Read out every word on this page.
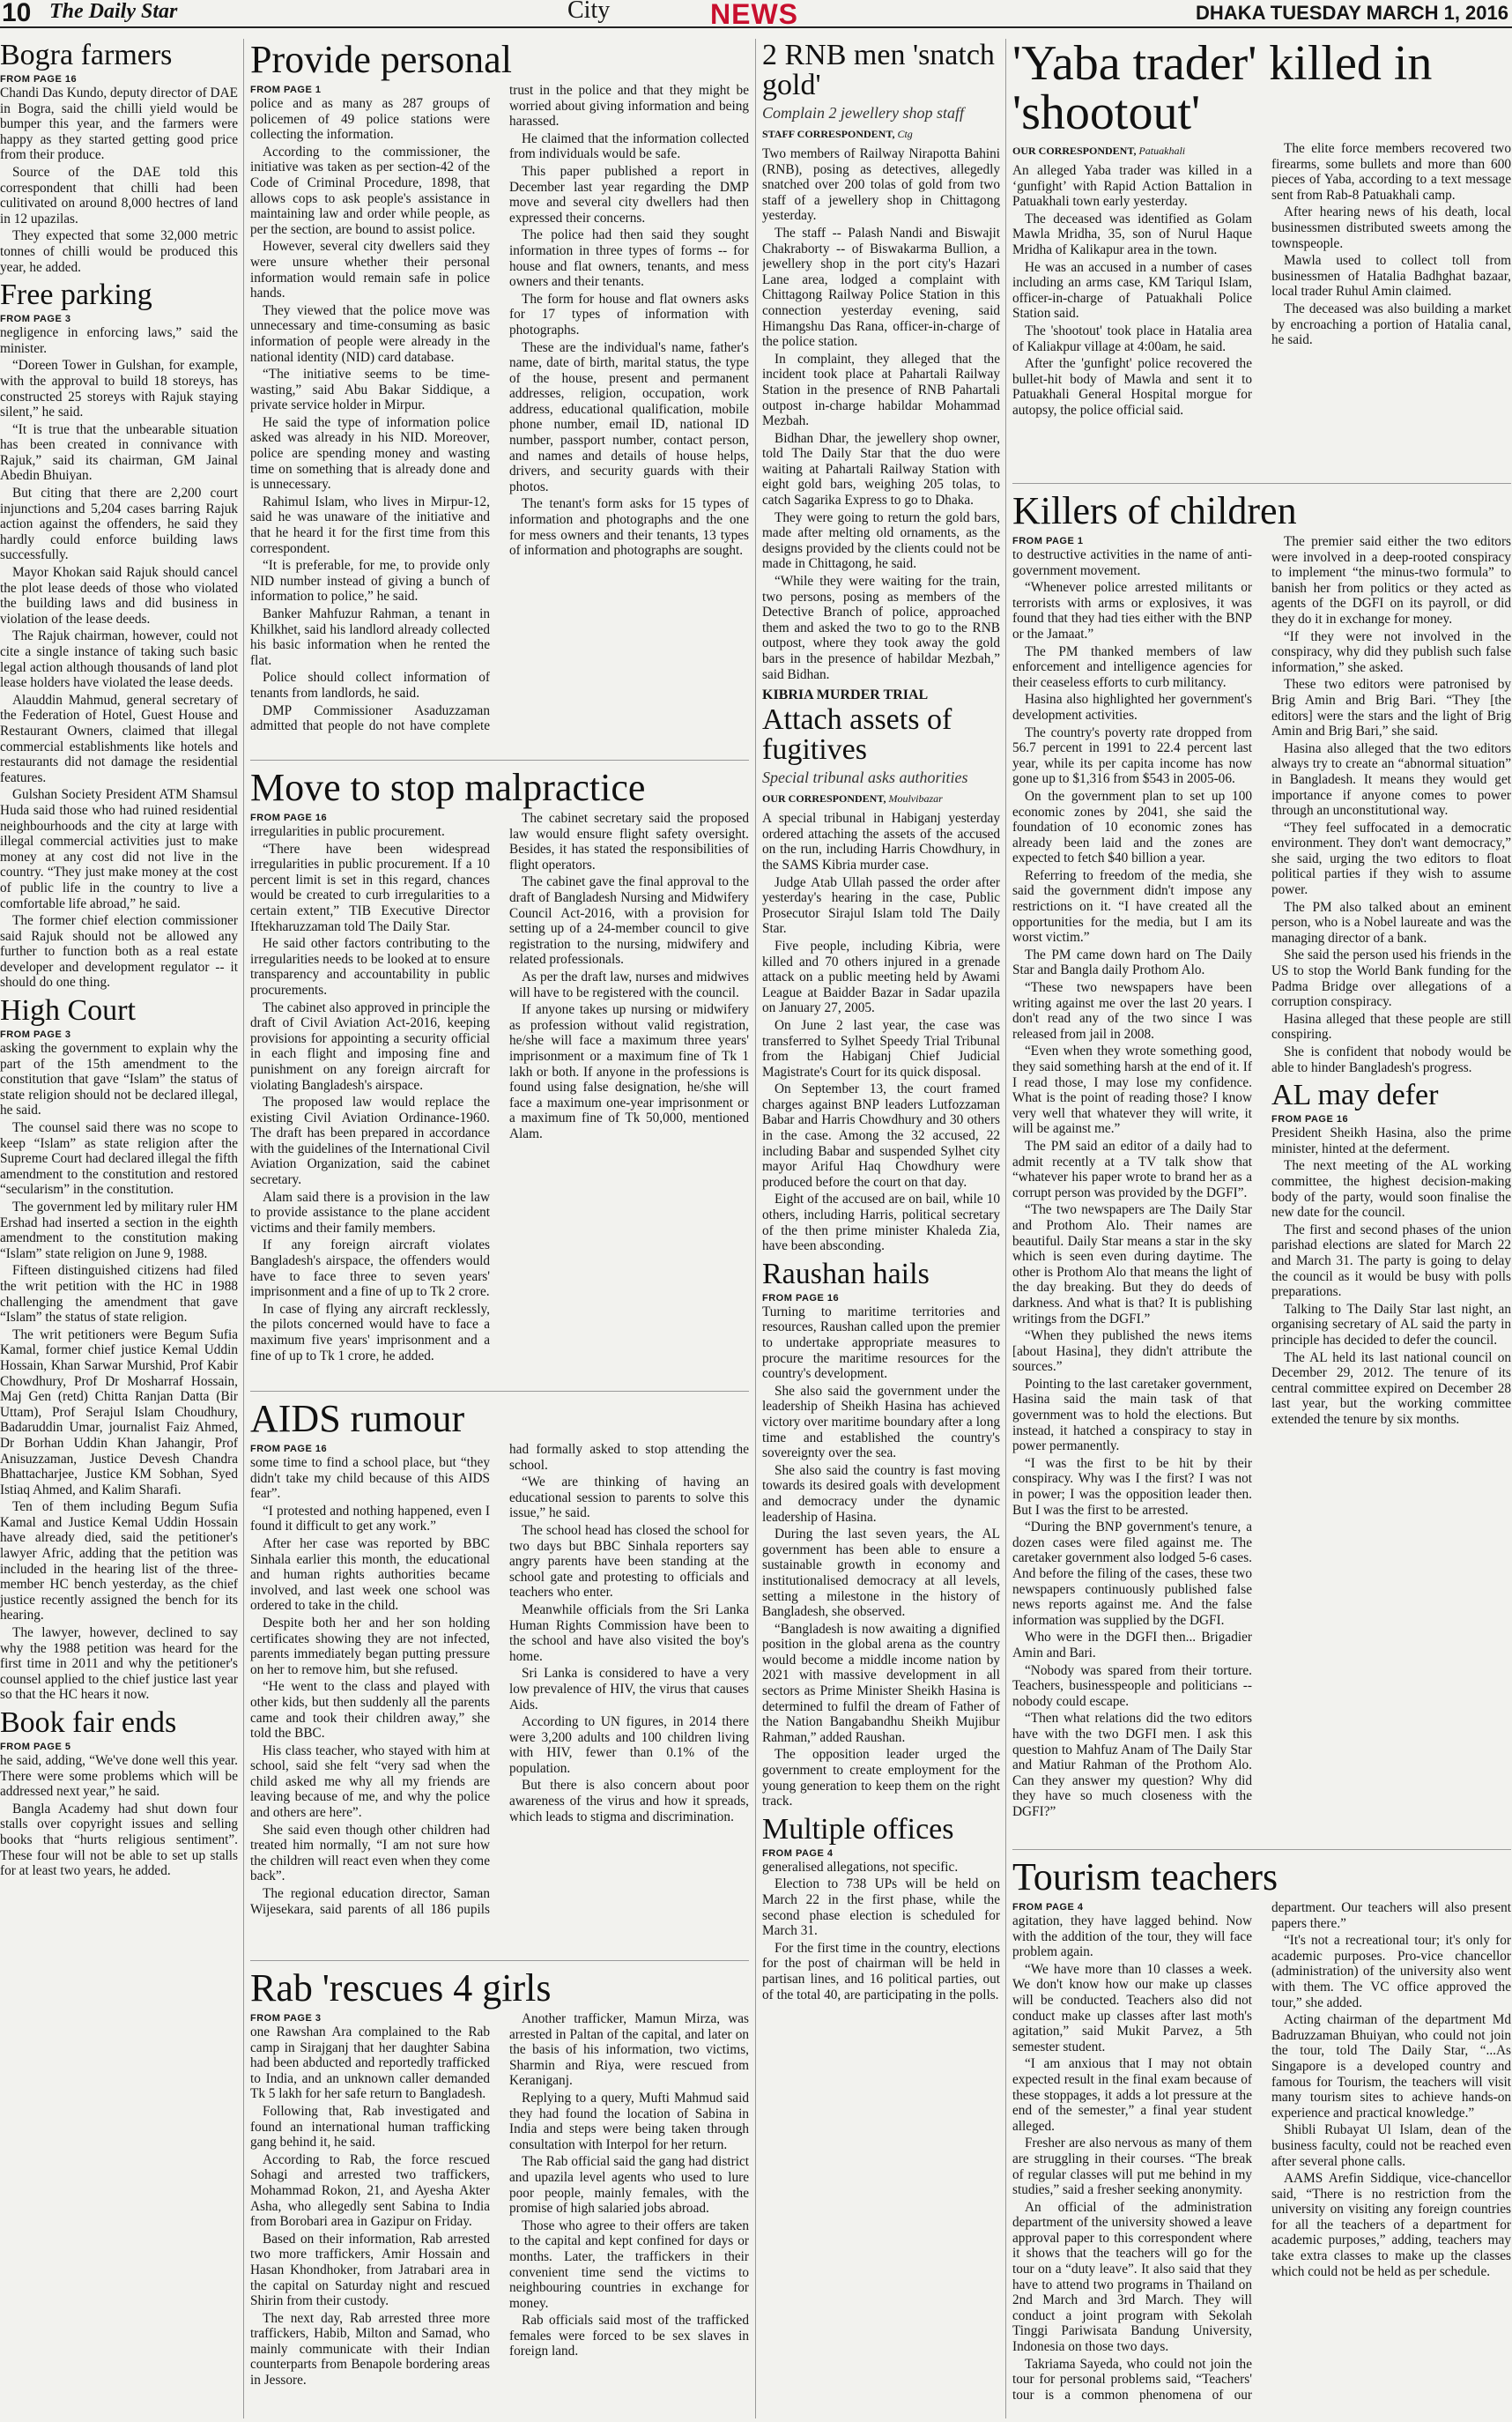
10 The Daily Star	City	NEWS	DHAKA TUESDAY MARCH 1, 2016
Bogra farmers
FROM PAGE 16

Chandi Das Kundo, deputy director of DAE in Bogra, said the chilli yield would be bumper this year, and the farmers were happy as they started getting good price from their produce.

Source of the DAE told this correspondent that chilli had been culitivated on around 8,000 hectres of land in 12 upazilas.

They expected that some 32,000 metric tonnes of chilli would be produced this year, he added.

Free parking
FROM PAGE 3

negligence in enforcing laws,” said the minister.

“Doreen Tower in Gulshan, for example, with the approval to build 18 storeys, has constructed 25 storeys with Rajuk staying silent,” he said.

“It is true that the unbearable situation has been created in connivance with Rajuk,” said its chairman, GM Jainal Abedin Bhuiyan.

But citing that there are 2,200 court injunctions and 5,204 cases barring Rajuk action against the offenders, he said they hardly could enforce building laws successfully.

Mayor Khokan said Rajuk should cancel the plot lease deeds of those who violated the building laws and did business in violation of the lease deeds.

The Rajuk chairman, however, could not cite a single instance of taking such basic legal action although thousands of land plot lease holders have violated the lease deeds.

Alauddin Mahmud, general secretary of the Federation of Hotel, Guest House and Restaurant Owners, claimed that illegal commercial establishments like hotels and restaurants did not damage the residential features.

Gulshan Society President ATM Shamsul Huda said those who had ruined residential neighbourhoods and the city at large with illegal commercial activities just to make money at any cost did not live in the country. “They just make money at the cost of public life in the country to live a comfortable life abroad,” he said.

The former chief election commissioner said Rajuk should not be allowed any further to function both as a real estate developer and development regulator -- it should do one thing.

High Court
FROM PAGE 3

asking the government to explain why the part of the 15th amendment to the constitution that gave “Islam” the status of state religion should not be declared illegal, he said.

The counsel said there was no scope to keep “Islam” as state religion after the Supreme Court had declared illegal the fifth amendment to the constitution and restored “secularism” in the constitution.

The government led by military ruler HM Ershad had inserted a section in the eighth amendment to the constitution making “Islam” state religion on June 9, 1988.

Fifteen distinguished citizens had filed the writ petition with the HC in 1988 challenging the amendment that gave “Islam” the status of state religion.

The writ petitioners were Begum Sufia Kamal, former chief justice Kemal Uddin Hossain, Khan Sarwar Murshid, Prof Kabir Chowdhury, Prof Dr Mosharraf Hossain, Maj Gen (retd) Chitta Ranjan Datta (Bir Uttam), Prof Serajul Islam Choudhury, Badaruddin Umar, journalist Faiz Ahmed, Dr Borhan Uddin Khan Jahangir, Prof Anisuzzaman, Justice Devesh Chandra Bhattacharjee, Justice KM Sobhan, Syed Istiaq Ahmed, and Kalim Sharafi.

Ten of them including Begum Sufia Kamal and Justice Kemal Uddin Hossain have already died, said the petitioner's lawyer Afric, adding that the petition was included in the hearing list of the three-member HC bench yesterday, as the chief justice recently assigned the bench for its hearing.

The lawyer, however, declined to say why the 1988 petition was heard for the first time in 2011 and why the petitioner's counsel applied to the chief justice last year so that the HC hears it now.

Book fair ends
FROM PAGE 5

he said, adding, “We've done well this year. There were some problems which will be addressed next year,” he said.

Bangla Academy had shut down four stalls over copyright issues and selling books that “hurts religious sentiment”. These four will not be able to set up stalls for at least two years, he added.

Provide personal
FROM PAGE 1

police and as many as 287 groups of policemen of 49 police stations were collecting the information.

According to the commissioner, the initiative was taken as per section-42 of the Code of Criminal Procedure, 1898, that allows cops to ask people's assistance in maintaining law and order while people, as per the section, are bound to assist police.

However, several city dwellers said they were unsure whether their personal information would remain safe in police hands.

They viewed that the police move was unnecessary and time-consuming as basic information of people were already in the national identity (NID) card database.

“The initiative seems to be time-wasting,” said Abu Bakar Siddique, a private service holder in Mirpur.

He said the type of information police asked was already in his NID. Moreover, police are spending money and wasting time on something that is already done and is unnecessary.

Rahimul Islam, who lives in Mirpur-12, said he was unaware of the initiative and that he heard it for the first time from this correspondent.

“It is preferable, for me, to provide only NID number instead of giving a bunch of information to police,” he said.

Banker Mahfuzur Rahman, a tenant in Khilkhet, said his landlord already collected his basic information when he rented the flat.

Police should collect information of tenants from landlords, he said.

DMP Commissioner Asaduzzaman admitted that people do not have complete trust in the police and that they might be worried about giving information and being harassed.

He claimed that the information collected from individuals would be safe.

This paper published a report in December last year regarding the DMP move and several city dwellers had then expressed their concerns.

The police had then said they sought information in three types of forms -- for house and flat owners, tenants, and mess owners and their tenants.

The form for house and flat owners asks for 17 types of information with photographs.

These are the individual's name, father's name, date of birth, marital status, the type of the house, present and permanent addresses, religion, occupation, work address, educational qualification, mobile phone number, email ID, national ID number, passport number, contact person, and names and details of house helps, drivers, and security guards with their photos.

The tenant's form asks for 15 types of information and photographs and the one for mess owners and their tenants, 13 types of information and photographs are sought.

Move to stop malpractice
FROM PAGE 16

irregularities in public procurement.

“There have been widespread irregularities in public procurement. If a 10 percent limit is set in this regard, chances would be created to curb irregularities to a certain extent,” TIB Executive Director Iftekharuzzaman told The Daily Star.

He said other factors contributing to the irregularities needs to be looked at to ensure transparency and accountability in public procurements.

The cabinet also approved in principle the draft of Civil Aviation Act-2016, keeping provisions for appointing a security official in each flight and imposing fine and punishment on any foreign aircraft for violating Bangladesh's airspace.

The proposed law would replace the existing Civil Aviation Ordinance-1960. The draft has been prepared in accordance with the guidelines of the International Civil Aviation Organization, said the cabinet secretary.

Alam said there is a provision in the law to provide assistance to the plane accident victims and their family members.

If any foreign aircraft violates Bangladesh's airspace, the offenders would have to face three to seven years' imprisonment and a fine of up to Tk 2 crore.

In case of flying any aircraft recklessly, the pilots concerned would have to face a maximum five years' imprisonment and a fine of up to Tk 1 crore, he added.

The cabinet secretary said the proposed law would ensure flight safety oversight. Besides, it has stated the responsibilities of flight operators.

The cabinet gave the final approval to the draft of Bangladesh Nursing and Midwifery Council Act-2016, with a provision for setting up of a 24-member council to give registration to the nursing, midwifery and related professionals.

As per the draft law, nurses and midwives will have to be registered with the council.

If anyone takes up nursing or midwifery as profession without valid registration, he/she will face a maximum three years' imprisonment or a maximum fine of Tk 1 lakh or both. If anyone in the professions is found using false designation, he/she will face a maximum one-year imprisonment or a maximum fine of Tk 50,000, mentioned Alam.

AIDS rumour
FROM PAGE 16

some time to find a school place, but “they didn't take my child because of this AIDS fear”.

“I protested and nothing happened, even I found it difficult to get any work.”

After her case was reported by BBC Sinhala earlier this month, the educational and human rights authorities became involved, and last week one school was ordered to take in the child.

Despite both her and her son holding certificates showing they are not infected, parents immediately began putting pressure on her to remove him, but she refused.

“He went to the class and played with other kids, but then suddenly all the parents came and took their children away,” she told the BBC.

His class teacher, who stayed with him at school, said she felt “very sad when the child asked me why all my friends are leaving because of me, and why the police and others are here”.

She said even though other children had treated him normally, “I am not sure how the children will react even when they come back”.

The regional education director, Saman Wijesekara, said parents of all 186 pupils had formally asked to stop attending the school.

“We are thinking of having an educational session to parents to solve this issue,” he said.

The school head has closed the school for two days but BBC Sinhala reporters say angry parents have been standing at the school gate and protesting to officials and teachers who enter.

Meanwhile officials from the Sri Lanka Human Rights Commission have been to the school and have also visited the boy's home.

Sri Lanka is considered to have a very low prevalence of HIV, the virus that causes Aids.

According to UN figures, in 2014 there were 3,200 adults and 100 children living with HIV, fewer than 0.1% of the population.

But there is also concern about poor awareness of the virus and how it spreads, which leads to stigma and discrimination.

Rab 'rescues 4 girls
FROM PAGE 3

one Rawshan Ara complained to the Rab camp in Sirajganj that her daughter Sabina had been abducted and reportedly trafficked to India, and an unknown caller demanded Tk 5 lakh for her safe return to Bangladesh.

Following that, Rab investigated and found an international human trafficking gang behind it, he said.

According to Rab, the force rescued Sohagi and arrested two traffickers, Mohammad Rokon, 21, and Ayesha Akter Asha, who allegedly sent Sabina to India from Borobari area in Gazipur on Friday.

Based on their information, Rab arrested two more traffickers, Amir Hossain and Hasan Khondhoker, from Jatrabari area in the capital on Saturday night and rescued Shirin from their custody.

The next day, Rab arrested three more traffickers, Habib, Milton and Samad, who mainly communicate with their Indian counterparts from Benapole bordering areas in Jessore.

Another trafficker, Mamun Mirza, was arrested in Paltan of the capital, and later on the basis of his information, two victims, Sharmin and Riya, were rescued from Keraniganj.

Replying to a query, Mufti Mahmud said they had found the location of Sabina in India and steps were being taken through consultation with Interpol for her return.

The Rab official said the gang had district and upazila level agents who used to lure poor people, mainly females, with the promise of high salaried jobs abroad.

Those who agree to their offers are taken to the capital and kept confined for days or months. Later, the traffickers in their convenient time send the victims to neighbouring countries in exchange for money.

Rab officials said most of the trafficked females were forced to be sex slaves in foreign land.

2 RNB men 'snatch gold'
Complain 2 jewellery shop staff
STAFF CORRESPONDENT, Ctg

Two members of Railway Nirapotta Bahini (RNB), posing as detectives, allegedly snatched over 200 tolas of gold from two staff of a jewellery shop in Chittagong yesterday.

The staff -- Palash Nandi and Biswajit Chakraborty -- of Biswakarma Bullion, a jewellery shop in the port city's Hazari Lane area, lodged a complaint with Chittagong Railway Police Station in this connection yesterday evening, said Himangshu Das Rana, officer-in-charge of the police station.

In complaint, they alleged that the incident took place at Pahartali Railway Station in the presence of RNB Pahartali outpost in-charge habildar Mohammad Mezbah.

Bidhan Dhar, the jewellery shop owner, told The Daily Star that the duo were waiting at Pahartali Railway Station with eight gold bars, weighing 205 tolas, to catch Sagarika Express to go to Dhaka.

They were going to return the gold bars, made after melting old ornaments, as the designs provided by the clients could not be made in Chittagong, he said.

“While they were waiting for the train, two persons, posing as members of the Detective Branch of police, approached them and asked the two to go to the RNB outpost, where they took away the gold bars in the presence of habildar Mezbah,” said Bidhan.

KIBRIA MURDER TRIAL
Attach assets of fugitives
Special tribunal asks authorities
OUR CORRESPONDENT, Moulvibazar

A special tribunal in Habiganj yesterday ordered attaching the assets of the accused on the run, including Harris Chowdhury, in the SAMS Kibria murder case.

Judge Atab Ullah passed the order after yesterday's hearing in the case, Public Prosecutor Sirajul Islam told The Daily Star.

Five people, including Kibria, were killed and 70 others injured in a grenade attack on a public meeting held by Awami League at Baidder Bazar in Sadar upazila on January 27, 2005.

On June 2 last year, the case was transferred to Sylhet Speedy Trial Tribunal from the Habiganj Chief Judicial Magistrate's Court for its quick disposal.

On September 13, the court framed charges against BNP leaders Lutfozzaman Babar and Harris Chowdhury and 30 others in the case. Among the 32 accused, 22 including Babar and suspended Sylhet city mayor Ariful Haq Chowdhury were produced before the court on that day.

Eight of the accused are on bail, while 10 others, including Harris, political secretary of the then prime minister Khaleda Zia, have been absconding.

Raushan hails
FROM PAGE 16

Turning to maritime territories and resources, Raushan called upon the premier to undertake appropriate measures to procure the maritime resources for the country's development.

She also said the government under the leadership of Sheikh Hasina has achieved victory over maritime boundary after a long time and established the country's sovereignty over the sea.

She also said the country is fast moving towards its desired goals with development and democracy under the dynamic leadership of Hasina.

During the last seven years, the AL government has been able to ensure a sustainable growth in economy and institutionalised democracy at all levels, setting a milestone in the history of Bangladesh, she observed.

“Bangladesh is now awaiting a dignified position in the global arena as the country would become a middle income nation by 2021 with massive development in all sectors as Prime Minister Sheikh Hasina is determined to fulfil the dream of Father of the Nation Bangabandhu Sheikh Mujibur Rahman,” added Raushan.

The opposition leader urged the government to create employment for the young generation to keep them on the right track.

Multiple offices
FROM PAGE 4

generalised allegations, not specific.

Election to 738 UPs will be held on March 22 in the first phase, while the second phase election is scheduled for March 31.

For the first time in the country, elections for the post of chairman will be held in partisan lines, and 16 political parties, out of the total 40, are participating in the polls.

'Yaba trader' killed in 'shootout'
OUR CORRESPONDENT, Patuakhali

An alleged Yaba trader was killed in a ‘gunfight’ with Rapid Action Battalion in Patuakhali town early yesterday.

The deceased was identified as Golam Mawla Mridha, 35, son of Nurul Haque Mridha of Kalikapur area in the town.

He was an accused in a number of cases including an arms case, KM Tariqul Islam, officer-in-charge of Patuakhali Police Station said.

The 'shootout' took place in Hatalia area of Kaliakpur village at 4:00am, he said.

After the 'gunfight' police recovered the bullet-hit body of Mawla and sent it to Patuakhali General Hospital morgue for autopsy, the police official said.

The elite force members recovered two firearms, some bullets and more than 600 pieces of Yaba, according to a text message sent from Rab-8 Patuakhali camp.

After hearing news of his death, local businessmen distributed sweets among the townspeople.

Mawla used to collect toll from businessmen of Hatalia Badhghat bazaar, local trader Ruhul Amin claimed.

The deceased was also building a market by encroaching a portion of Hatalia canal, he said.

Killers of children
FROM PAGE 1

to destructive activities in the name of anti-government movement.

“Whenever police arrested militants or terrorists with arms or explosives, it was found that they had ties either with the BNP or the Jamaat.”

The PM thanked members of law enforcement and intelligence agencies for their ceaseless efforts to curb militancy.

Hasina also highlighted her government's development activities.

The country's poverty rate dropped from 56.7 percent in 1991 to 22.4 percent last year, while its per capita income has now gone up to $1,316 from $543 in 2005-06.

On the government plan to set up 100 economic zones by 2041, she said the foundation of 10 economic zones has already been laid and the zones are expected to fetch $40 billion a year.

Referring to freedom of the media, she said the government didn't impose any restrictions on it. “I have created all the opportunities for the media, but I am its worst victim.”

The PM came down hard on The Daily Star and Bangla daily Prothom Alo.

“These two newspapers have been writing against me over the last 20 years. I don't read any of the two since I was released from jail in 2008.

“Even when they wrote something good, they said something harsh at the end of it. If I read those, I may lose my confidence. What is the point of reading those? I know very well that whatever they will write, it will be against me.”

The PM said an editor of a daily had to admit recently at a TV talk show that “whatever his paper wrote to brand her as a corrupt person was provided by the DGFI”.

“The two newspapers are The Daily Star and Prothom Alo. Their names are beautiful. Daily Star means a star in the sky which is seen even during daytime. The other is Prothom Alo that means the light of the day breaking. But they do deeds of darkness. And what is that? It is publishing writings from the DGFI.”

“When they published the news items [about Hasina], they didn't attribute the sources.”

Pointing to the last caretaker government, Hasina said the main task of that government was to hold the elections. But instead, it hatched a conspiracy to stay in power permanently.

“I was the first to be hit by their conspiracy. Why was I the first? I was not in power; I was the opposition leader then. But I was the first to be arrested.

“During the BNP government's tenure, a dozen cases were filed against me. The caretaker government also lodged 5-6 cases. And before the filing of the cases, these two newspapers continuously published false news reports against me. And the false information was supplied by the DGFI.

Who were in the DGFI then... Brigadier Amin and Bari.

“Nobody was spared from their torture. Teachers, businesspeople and politicians -- nobody could escape.

“Then what relations did the two editors have with the two DGFI men. I ask this question to Mahfuz Anam of The Daily Star and Matiur Rahman of the Prothom Alo. Can they answer my question? Why did they have so much closeness with the DGFI?”

The premier said either the two editors were involved in a deep-rooted conspiracy to implement “the minus-two formula” to banish her from politics or they acted as agents of the DGFI on its payroll, or did they do it in exchange for money.

“If they were not involved in the conspiracy, why did they publish such false information,” she asked.

These two editors were patronised by Brig Amin and Brig Bari. “They [the editors] were the stars and the light of Brig Amin and Brig Bari,” she said.

Hasina also alleged that the two editors always try to create an “abnormal situation” in Bangladesh. It means they would get importance if anyone comes to power through an unconstitutional way.

“They feel suffocated in a democratic environment. They don't want democracy,” she said, urging the two editors to float political parties if they wish to assume power.

The PM also talked about an eminent person, who is a Nobel laureate and was the managing director of a bank.

She said the person used his friends in the US to stop the World Bank funding for the Padma Bridge over allegations of a corruption conspiracy.

Hasina alleged that these people are still conspiring.

She is confident that nobody would be able to hinder Bangladesh's progress.

AL may defer
FROM PAGE 16

President Sheikh Hasina, also the prime minister, hinted at the deferment.

The next meeting of the AL working committee, the highest decision-making body of the party, would soon finalise the new date for the council.

The first and second phases of the union parishad elections are slated for March 22 and March 31. The party is going to delay the council as it would be busy with polls preparations.

Talking to The Daily Star last night, an organising secretary of AL said the party in principle has decided to defer the council.

The AL held its last national council on December 29, 2012. The tenure of its central committee expired on December 28 last year, but the working committee extended the tenure by six months.

Tourism teachers
FROM PAGE 4

agitation, they have lagged behind. Now with the addition of the tour, they will face problem again.

“We have more than 10 classes a week. We don't know how our make up classes will be conducted. Teachers also did not conduct make up classes after last moth's agitation,” said Mukit Parvez, a 5th semester student.

“I am anxious that I may not obtain expected result in the final exam because of these stoppages, it adds a lot pressure at the end of the semester,” a final year student alleged.

Fresher are also nervous as many of them are struggling in their courses. “The break of regular classes will put me behind in my studies,” said a fresher seeking anonymity.

An official of the administration department of the university showed a leave approval paper to this correspondent where it shows that the teachers will go for the tour on a “duty leave”. It also said that they have to attend two programs in Thailand on 2nd March and 3rd March. They will conduct a joint program with Sekolah Tinggi Pariwisata Bandung University, Indonesia on those two days.

Takriama Sayeda, who could not join the tour for personal problems said, “Teachers' tour is a common phenomena of our department. Our teachers will also present papers there.”

“It's not a recreational tour; it's only for academic purposes. Pro-vice chancellor (administration) of the university also went with them. The VC office approved the tour,” she added.

Acting chairman of the department Md Badruzzaman Bhuiyan, who could not join the tour, told The Daily Star, “...As Singapore is a developed country and famous for Tourism, the teachers will visit many tourism sites to achieve hands-on experience and practical knowledge.”

Shibli Rubayat Ul Islam, dean of the business faculty, could not be reached even after several phone calls.

AAMS Arefin Siddique, vice-chancellor said, “There is no restriction from the university on visiting any foreign countries for all the teachers of a department for academic purposes,” adding, teachers may take extra classes to make up the classes which could not be held as per schedule.
